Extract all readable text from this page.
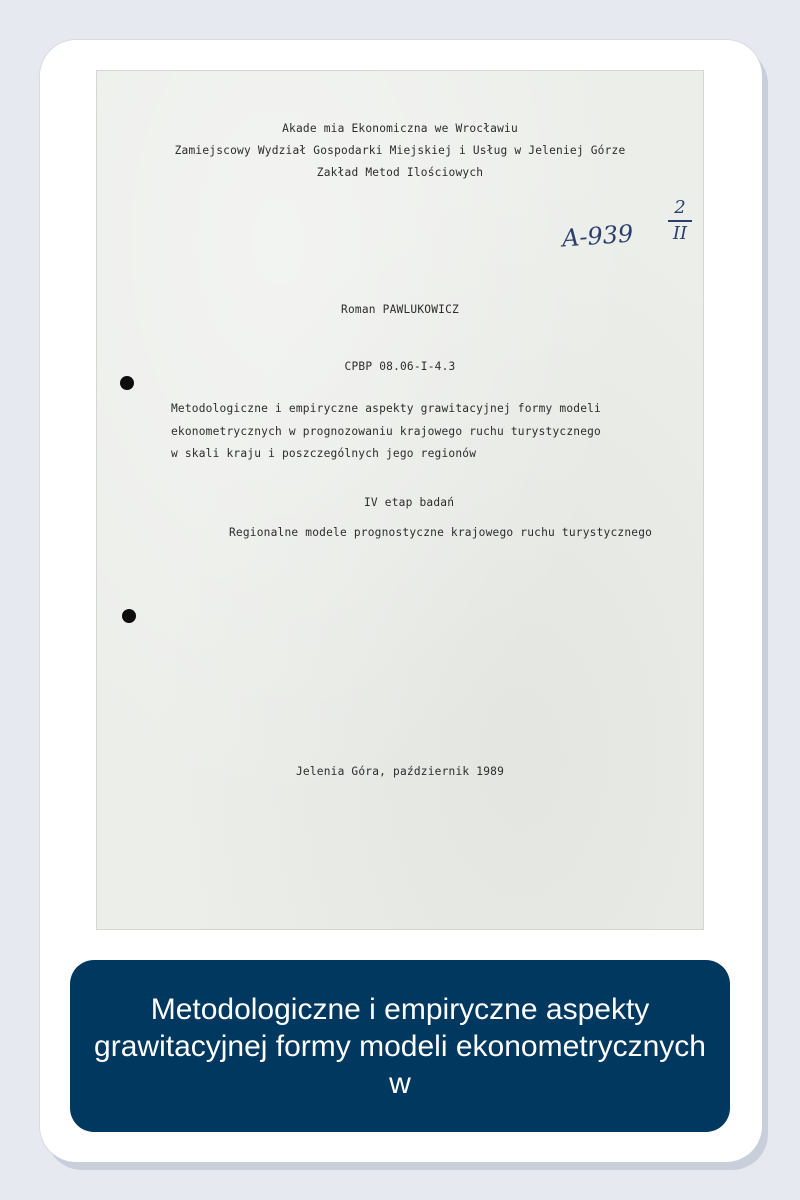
Akade mia Ekonomiczna we Wrocławiu

Zamiejscowy Wydział Gospodarki Miejskiej i Usług w Jeleniej Górze

Zakład Metod Ilościowych

A-939
2
II

Roman PAWLUKOWICZ

CPBP 08.06-I-4.3

Metodologiczne i empiryczne aspekty grawitacyjnej formy modeli

ekonometrycznych w prognozowaniu krajowego ruchu turystycznego

w skali kraju i poszczególnych jego regionów

IV etap badań

Regionalne modele prognostyczne krajowego ruchu turystycznego

Jelenia Góra, październik 1989

Metodologiczne i empiryczne aspekty grawitacyjnej formy modeli ekonometrycznych w
